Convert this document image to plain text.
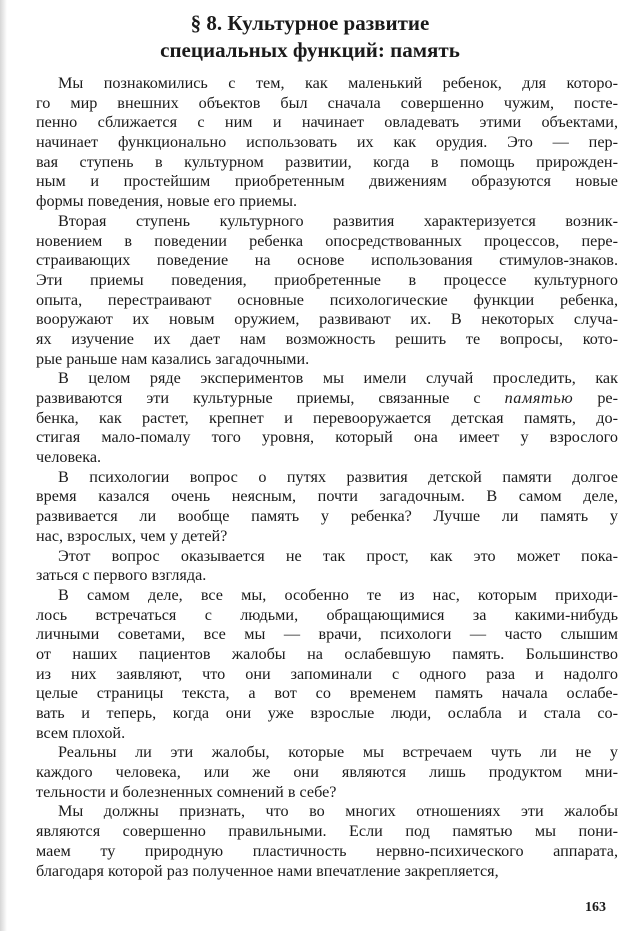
§ 8. Культурное развитие
специальных функций: память
Мы познакомились с тем, как маленький ребенок, для которо-
го мир внешних объектов был сначала совершенно чужим, посте-
пенно сближается с ним и начинает овладевать этими объектами,
начинает функционально использовать их как орудия. Это — пер-
вая ступень в культурном развитии, когда в помощь прирожден-
ным и простейшим приобретенным движениям образуются новые
формы поведения, новые его приемы.
Вторая ступень культурного развития характеризуется возник-
новением в поведении ребенка опосредствованных процессов, пере-
страивающих поведение на основе использования стимулов-знаков.
Эти приемы поведения, приобретенные в процессе культурного
опыта, перестраивают основные психологические функции ребенка,
вооружают их новым оружием, развивают их. В некоторых случа-
ях изучение их дает нам возможность решить те вопросы, кото-
рые раньше нам казались загадочными.
В целом ряде экспериментов мы имели случай проследить, как
развиваются эти культурные приемы, связанные с памятью ре-
бенка, как растет, крепнет и перевооружается детская память, до-
стигая мало-помалу того уровня, который она имеет у взрослого
человека.
В психологии вопрос о путях развития детской памяти долгое
время казался очень неясным, почти загадочным. В самом деле,
развивается ли вообще память у ребенка? Лучше ли память у
нас, взрослых, чем у детей?
Этот вопрос оказывается не так прост, как это может пока-
заться с первого взгляда.
В самом деле, все мы, особенно те из нас, которым приходи-
лось встречаться с людьми, обращающимися за какими-нибудь
личными советами, все мы — врачи, психологи — часто слышим
от наших пациентов жалобы на ослабевшую память. Большинство
из них заявляют, что они запоминали с одного раза и надолго
целые страницы текста, а вот со временем память начала ослабе-
вать и теперь, когда они уже взрослые люди, ослабла и стала со-
всем плохой.
Реальны ли эти жалобы, которые мы встречаем чуть ли не у
каждого человека, или же они являются лишь продуктом мни-
тельности и болезненных сомнений в себе?
Мы должны признать, что во многих отношениях эти жалобы
являются совершенно правильными. Если под памятью мы пони-
маем ту природную пластичность нервно-психического аппарата,
благодаря которой раз полученное нами впечатление закрепляется,
163
